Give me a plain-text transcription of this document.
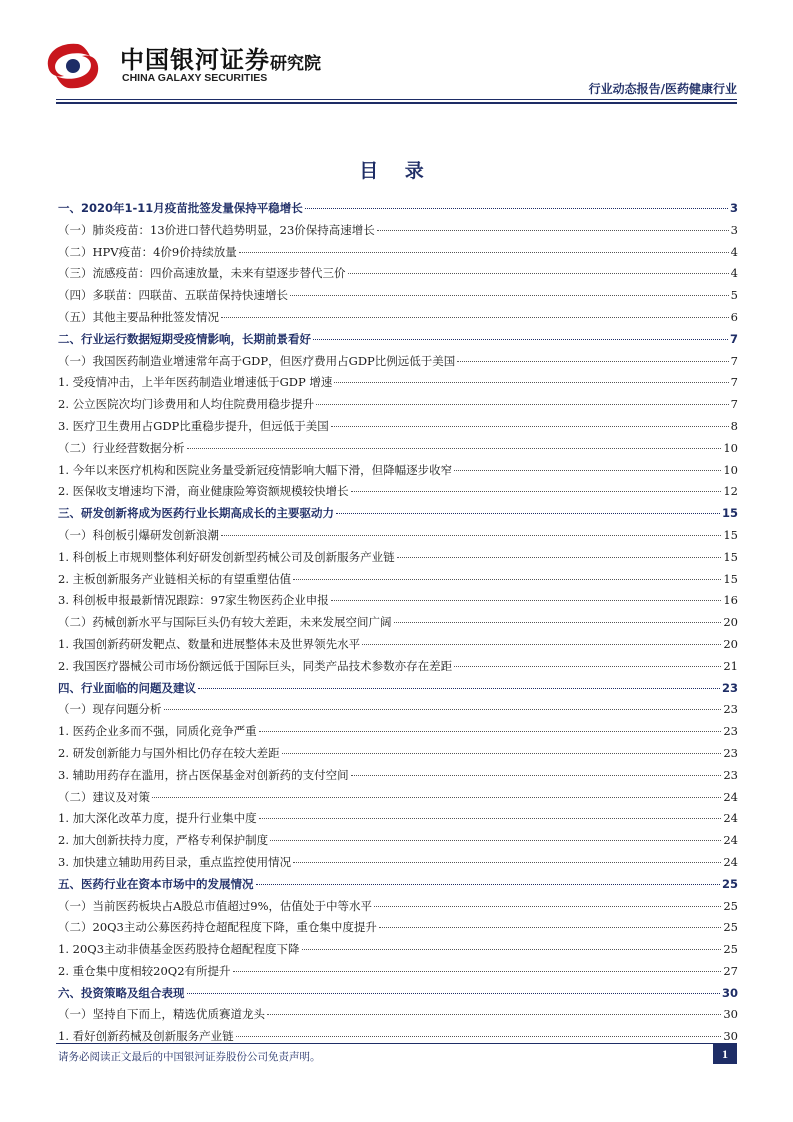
中国银河证券 研究院
CHINA GALAXY SECURITIES
行业动态报告/医药健康行业
目 录
一、2020年1-11月疫苗批签发量保持平稳增长	3
（一）肺炎疫苗：13价进口替代趋势明显，23价保持高速增长	3
（二）HPV疫苗：4价9价持续放量	4
（三）流感疫苗：四价高速放量，未来有望逐步替代三价	4
（四）多联苗：四联苗、五联苗保持快速增长	5
（五）其他主要品种批签发情况	6
二、行业运行数据短期受疫情影响，长期前景看好	7
（一）我国医药制造业增速常年高于GDP，但医疗费用占GDP比例远低于美国	7
1. 受疫情冲击，上半年医药制造业增速低于GDP 增速	7
2. 公立医院次均门诊费用和人均住院费用稳步提升	7
3. 医疗卫生费用占GDP比重稳步提升，但远低于美国	8
（二）行业经营数据分析	10
1. 今年以来医疗机构和医院业务量受新冠疫情影响大幅下滑，但降幅逐步收窄	10
2. 医保收支增速均下滑，商业健康险筹资额规模较快增长	12
三、研发创新将成为医药行业长期高成长的主要驱动力	15
（一）科创板引爆研发创新浪潮	15
1. 科创板上市规则整体利好研发创新型药械公司及创新服务产业链	15
2. 主板创新服务产业链相关标的有望重塑估值	15
3. 科创板申报最新情况跟踪：97家生物医药企业申报	16
（二）药械创新水平与国际巨头仍有较大差距，未来发展空间广阔	20
1. 我国创新药研发靶点、数量和进展整体未及世界领先水平	20
2. 我国医疗器械公司市场份额远低于国际巨头，同类产品技术参数亦存在差距	21
四、行业面临的问题及建议	23
（一）现存问题分析	23
1. 医药企业多而不强，同质化竞争严重	23
2. 研发创新能力与国外相比仍存在较大差距	23
3. 辅助用药存在滥用，挤占医保基金对创新药的支付空间	23
（二）建议及对策	24
1. 加大深化改革力度，提升行业集中度	24
2. 加大创新扶持力度，严格专利保护制度	24
3. 加快建立辅助用药目录，重点监控使用情况	24
五、医药行业在资本市场中的发展情况	25
（一）当前医药板块占A股总市值超过9%，估值处于中等水平	25
（二）20Q3主动公募医药持仓超配程度下降，重仓集中度提升	25
1. 20Q3主动非债基金医药股持仓超配程度下降	25
2. 重仓集中度相较20Q2有所提升	27
六、投资策略及组合表现	30
（一）坚持自下而上，精选优质赛道龙头	30
1. 看好创新药械及创新服务产业链	30
请务必阅读正文最后的中国银河证券股份公司免责声明。	1
